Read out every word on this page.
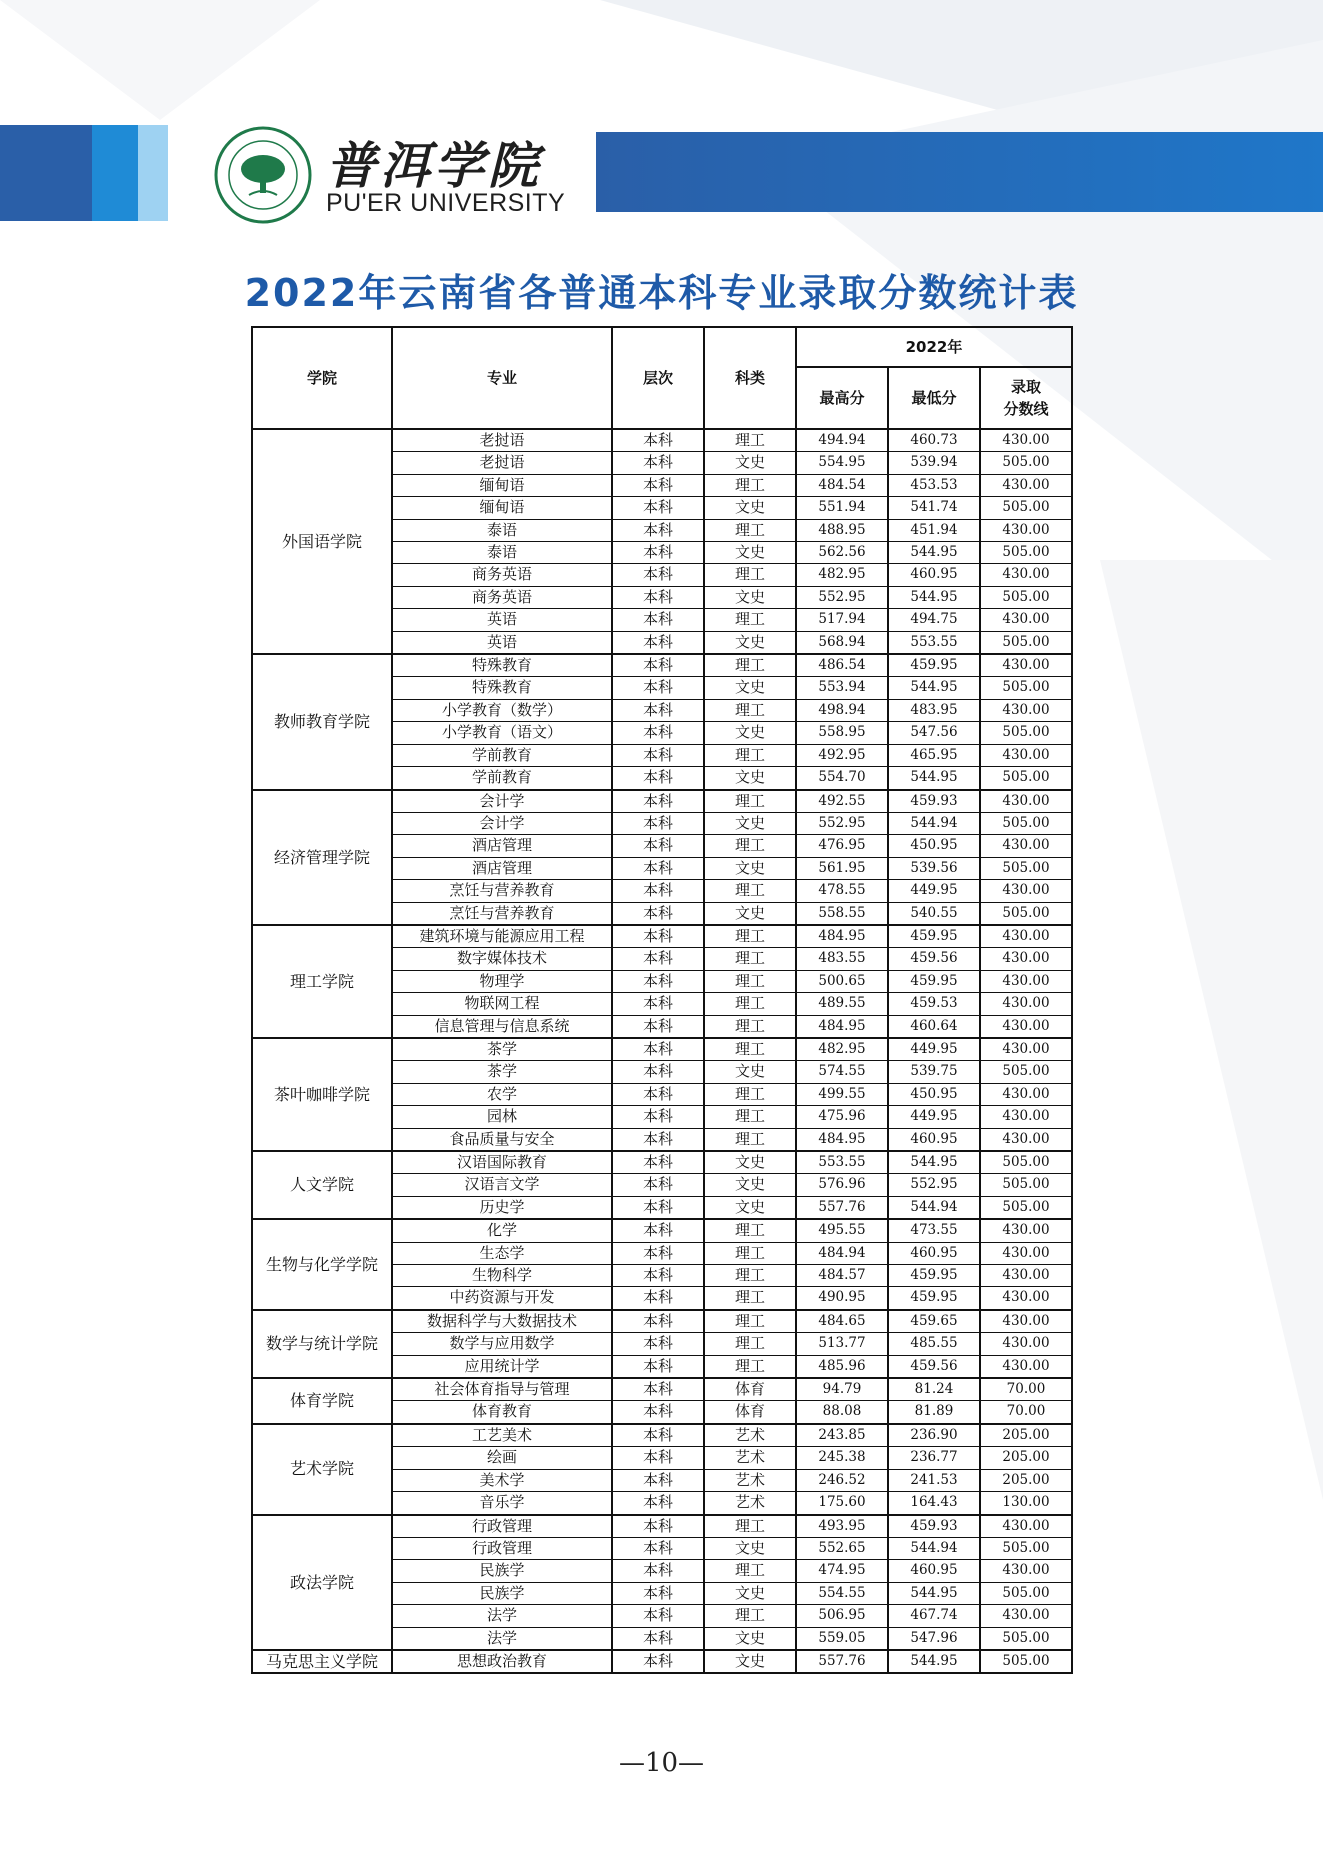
普洱学院
PU'ER UNIVERSITY
2022年云南省各普通本科专业录取分数统计表
学院	专业	层次	科类	2022年		
				最高分	最低分	录取
分数线
外国语学院	老挝语	本科	理工	494.94	460.73	430.00
	老挝语	本科	文史	554.95	539.94	505.00
	缅甸语	本科	理工	484.54	453.53	430.00
	缅甸语	本科	文史	551.94	541.74	505.00
	泰语	本科	理工	488.95	451.94	430.00
	泰语	本科	文史	562.56	544.95	505.00
	商务英语	本科	理工	482.95	460.95	430.00
	商务英语	本科	文史	552.95	544.95	505.00
	英语	本科	理工	517.94	494.75	430.00
	英语	本科	文史	568.94	553.55	505.00
教师教育学院	特殊教育	本科	理工	486.54	459.95	430.00
	特殊教育	本科	文史	553.94	544.95	505.00
	小学教育（数学）	本科	理工	498.94	483.95	430.00
	小学教育（语文）	本科	文史	558.95	547.56	505.00
	学前教育	本科	理工	492.95	465.95	430.00
	学前教育	本科	文史	554.70	544.95	505.00
经济管理学院	会计学	本科	理工	492.55	459.93	430.00
	会计学	本科	文史	552.95	544.94	505.00
	酒店管理	本科	理工	476.95	450.95	430.00
	酒店管理	本科	文史	561.95	539.56	505.00
	烹饪与营养教育	本科	理工	478.55	449.95	430.00
	烹饪与营养教育	本科	文史	558.55	540.55	505.00
理工学院	建筑环境与能源应用工程	本科	理工	484.95	459.95	430.00
	数字媒体技术	本科	理工	483.55	459.56	430.00
	物理学	本科	理工	500.65	459.95	430.00
	物联网工程	本科	理工	489.55	459.53	430.00
	信息管理与信息系统	本科	理工	484.95	460.64	430.00
茶叶咖啡学院	茶学	本科	理工	482.95	449.95	430.00
	茶学	本科	文史	574.55	539.75	505.00
	农学	本科	理工	499.55	450.95	430.00
	园林	本科	理工	475.96	449.95	430.00
	食品质量与安全	本科	理工	484.95	460.95	430.00
人文学院	汉语国际教育	本科	文史	553.55	544.95	505.00
	汉语言文学	本科	文史	576.96	552.95	505.00
	历史学	本科	文史	557.76	544.94	505.00
生物与化学学院	化学	本科	理工	495.55	473.55	430.00
	生态学	本科	理工	484.94	460.95	430.00
	生物科学	本科	理工	484.57	459.95	430.00
	中药资源与开发	本科	理工	490.95	459.95	430.00
数学与统计学院	数据科学与大数据技术	本科	理工	484.65	459.65	430.00
	数学与应用数学	本科	理工	513.77	485.55	430.00
	应用统计学	本科	理工	485.96	459.56	430.00
体育学院	社会体育指导与管理	本科	体育	94.79	81.24	70.00
	体育教育	本科	体育	88.08	81.89	70.00
艺术学院	工艺美术	本科	艺术	243.85	236.90	205.00
	绘画	本科	艺术	245.38	236.77	205.00
	美术学	本科	艺术	246.52	241.53	205.00
	音乐学	本科	艺术	175.60	164.43	130.00
政法学院	行政管理	本科	理工	493.95	459.93	430.00
	行政管理	本科	文史	552.65	544.94	505.00
	民族学	本科	理工	474.95	460.95	430.00
	民族学	本科	文史	554.55	544.95	505.00
	法学	本科	理工	506.95	467.74	430.00
	法学	本科	文史	559.05	547.96	505.00
马克思主义学院	思想政治教育	本科	文史	557.76	544.95	505.00
—10—
